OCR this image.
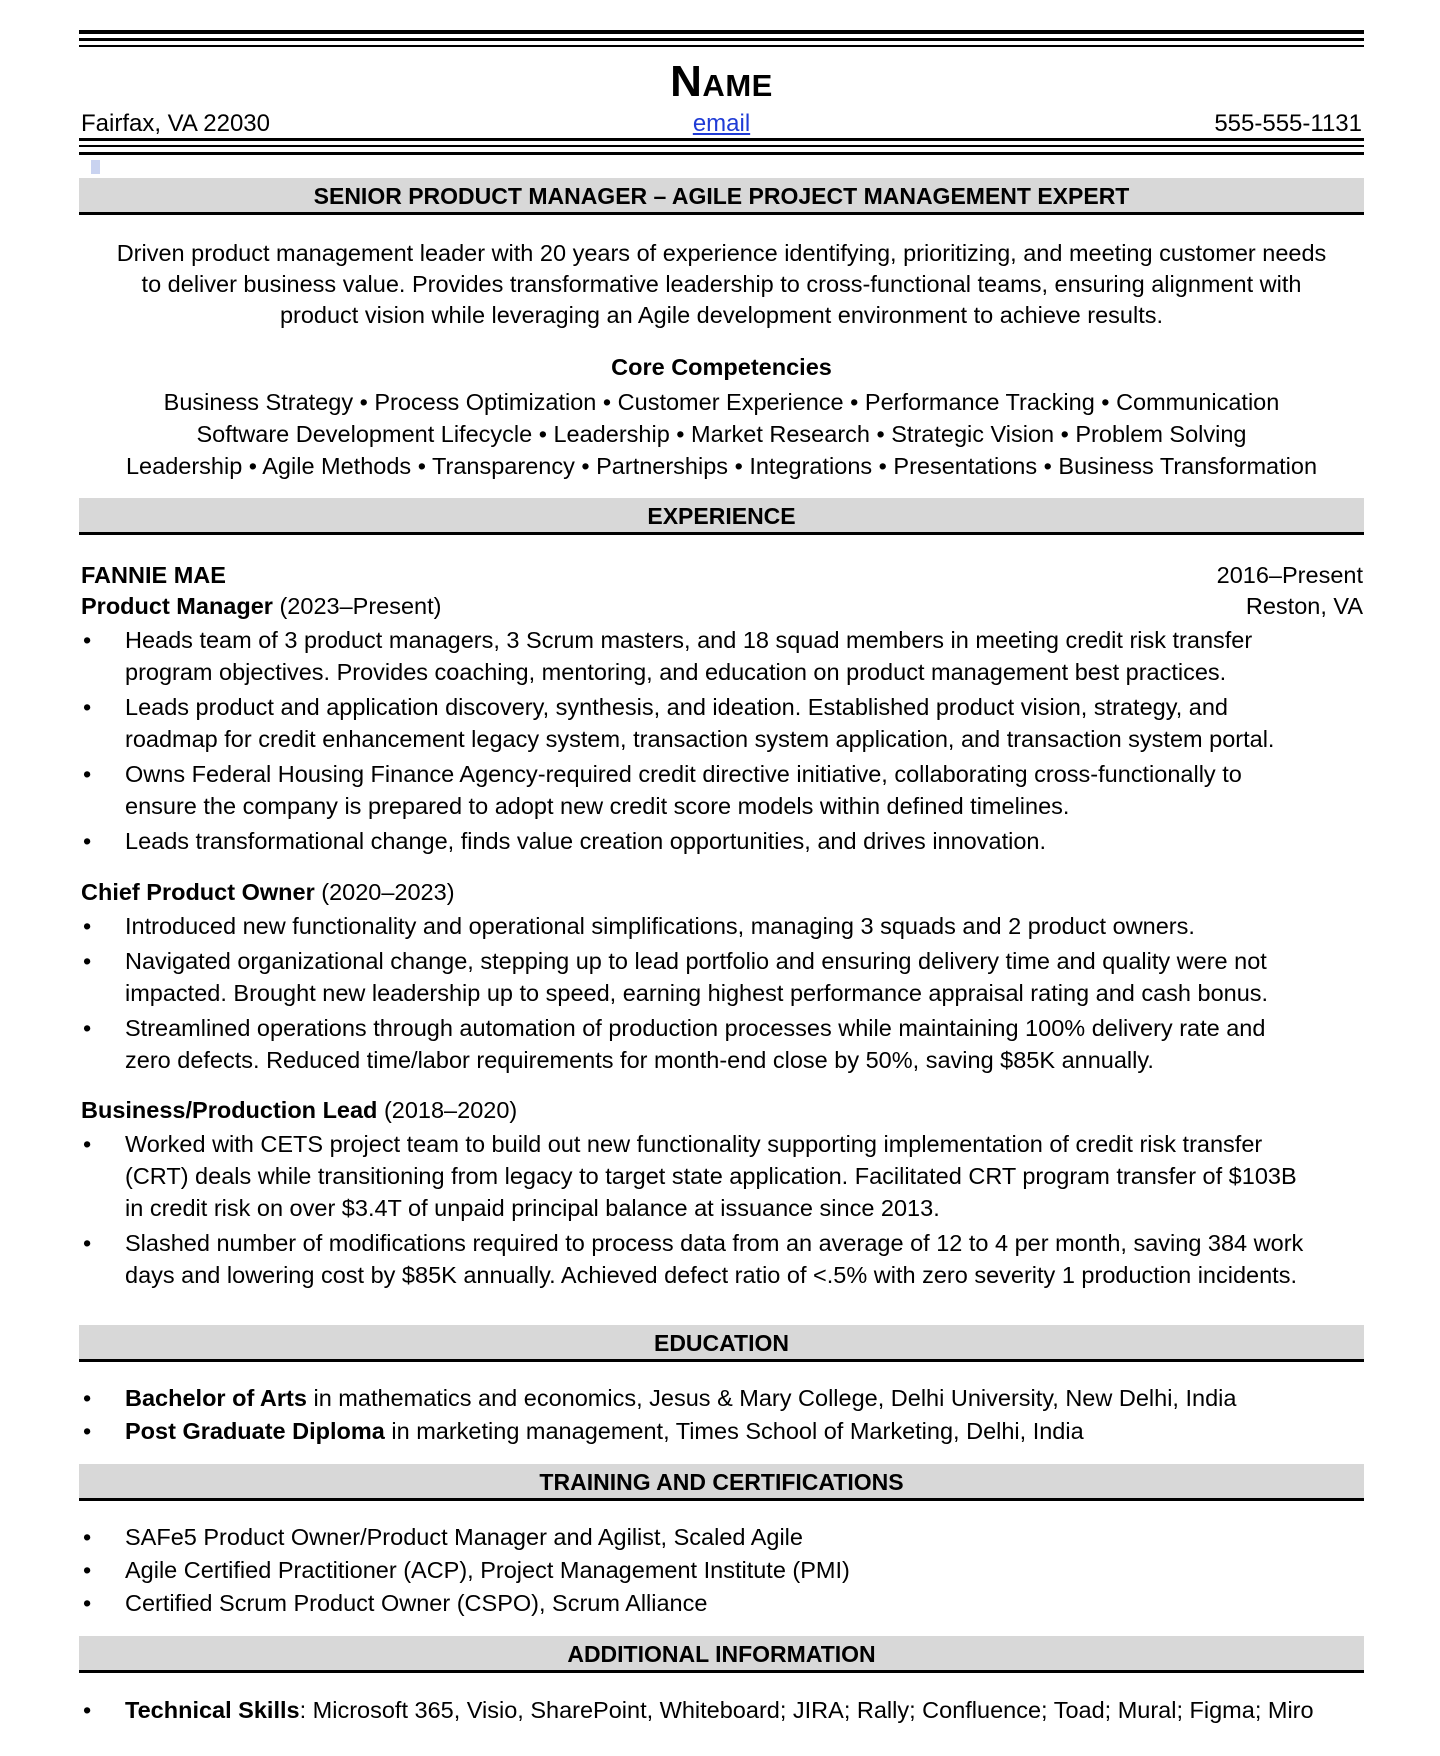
Name
Fairfax, VA 22030	email	555-555-1131
SENIOR PRODUCT MANAGER – AGILE PROJECT MANAGEMENT EXPERT
Driven product management leader with 20 years of experience identifying, prioritizing, and meeting customer needs
to deliver business value. Provides transformative leadership to cross-functional teams, ensuring alignment with
product vision while leveraging an Agile development environment to achieve results.
Core Competencies
Business Strategy • Process Optimization • Customer Experience • Performance Tracking • Communication
Software Development Lifecycle • Leadership • Market Research • Strategic Vision • Problem Solving
Leadership • Agile Methods • Transparency • Partnerships • Integrations • Presentations • Business Transformation
EXPERIENCE
FANNIE MAE	2016–Present
Product Manager (2023–Present)	Reston, VA
• Heads team of 3 product managers, 3 Scrum masters, and 18 squad members in meeting credit risk transfer
program objectives. Provides coaching, mentoring, and education on product management best practices.
• Leads product and application discovery, synthesis, and ideation. Established product vision, strategy, and
roadmap for credit enhancement legacy system, transaction system application, and transaction system portal.
• Owns Federal Housing Finance Agency-required credit directive initiative, collaborating cross-functionally to
ensure the company is prepared to adopt new credit score models within defined timelines.
• Leads transformational change, finds value creation opportunities, and drives innovation.
Chief Product Owner (2020–2023)
• Introduced new functionality and operational simplifications, managing 3 squads and 2 product owners.
• Navigated organizational change, stepping up to lead portfolio and ensuring delivery time and quality were not
impacted. Brought new leadership up to speed, earning highest performance appraisal rating and cash bonus.
• Streamlined operations through automation of production processes while maintaining 100% delivery rate and
zero defects. Reduced time/labor requirements for month-end close by 50%, saving $85K annually.
Business/Production Lead (2018–2020)
• Worked with CETS project team to build out new functionality supporting implementation of credit risk transfer
(CRT) deals while transitioning from legacy to target state application. Facilitated CRT program transfer of $103B
in credit risk on over $3.4T of unpaid principal balance at issuance since 2013.
• Slashed number of modifications required to process data from an average of 12 to 4 per month, saving 384 work
days and lowering cost by $85K annually. Achieved defect ratio of <.5% with zero severity 1 production incidents.
EDUCATION
• Bachelor of Arts in mathematics and economics, Jesus & Mary College, Delhi University, New Delhi, India
• Post Graduate Diploma in marketing management, Times School of Marketing, Delhi, India
TRAINING AND CERTIFICATIONS
• SAFe5 Product Owner/Product Manager and Agilist, Scaled Agile
• Agile Certified Practitioner (ACP), Project Management Institute (PMI)
• Certified Scrum Product Owner (CSPO), Scrum Alliance
ADDITIONAL INFORMATION
• Technical Skills: Microsoft 365, Visio, SharePoint, Whiteboard; JIRA; Rally; Confluence; Toad; Mural; Figma; Miro
